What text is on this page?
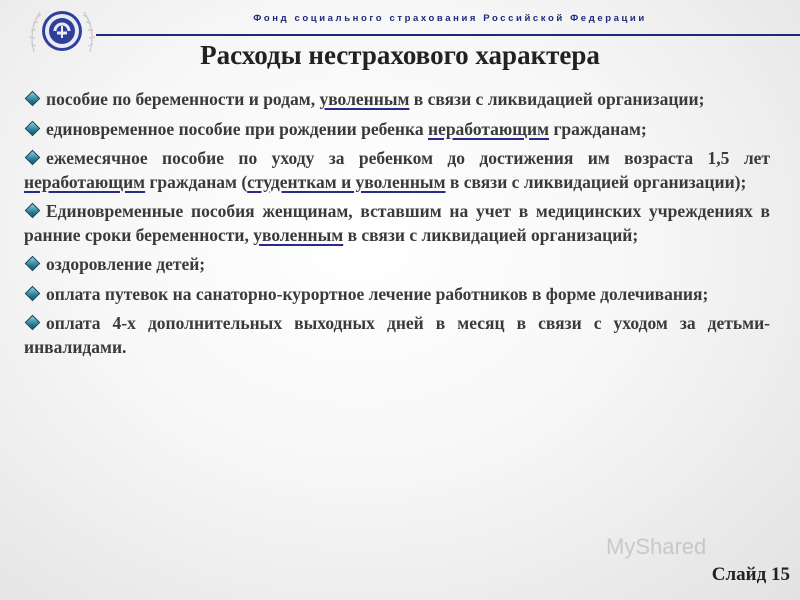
Фонд социального страхования Российской Федерации
Расходы нестрахового характера
пособие по беременности и родам, уволенным в связи с ликвидацией организации;
единовременное пособие при рождении ребенка неработающим гражданам;
ежемесячное пособие по уходу за ребенком до достижения им возраста 1,5 лет неработающим гражданам (студенткам и уволенным в связи с ликвидацией организации);
Единовременные пособия женщинам, вставшим на учет в медицинских учреждениях в ранние сроки беременности, уволенным в связи с ликвидацией организаций;
оздоровление детей;
оплата путевок на санаторно-курортное лечение работников в форме долечивания;
оплата 4-х дополнительных выходных дней в месяц в связи с уходом за детьми-инвалидами.
MyShared
Слайд 15
